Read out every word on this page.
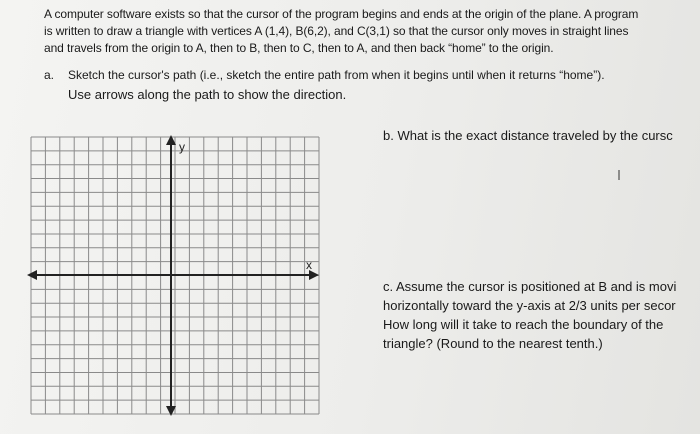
A computer software exists so that the cursor of the program begins and ends at the origin of the plane. A program

is written to draw a triangle with vertices A (1,4), B(6,2), and C(3,1) so that the cursor only moves in straight lines

and travels from the origin to A, then to B, then to C, then to A, and then back “home” to the origin.

a. Sketch the cursor's path (i.e., sketch the entire path from when it begins until when it returns “home”).
Use arrows along the path to show the direction.
y
x
b. What is the exact distance traveled by the cursc

c. Assume the cursor is positioned at B and is movi

horizontally toward the y-axis at 2/3 units per secor

How long will it take to reach the boundary of the

triangle? (Round to the nearest tenth.)
